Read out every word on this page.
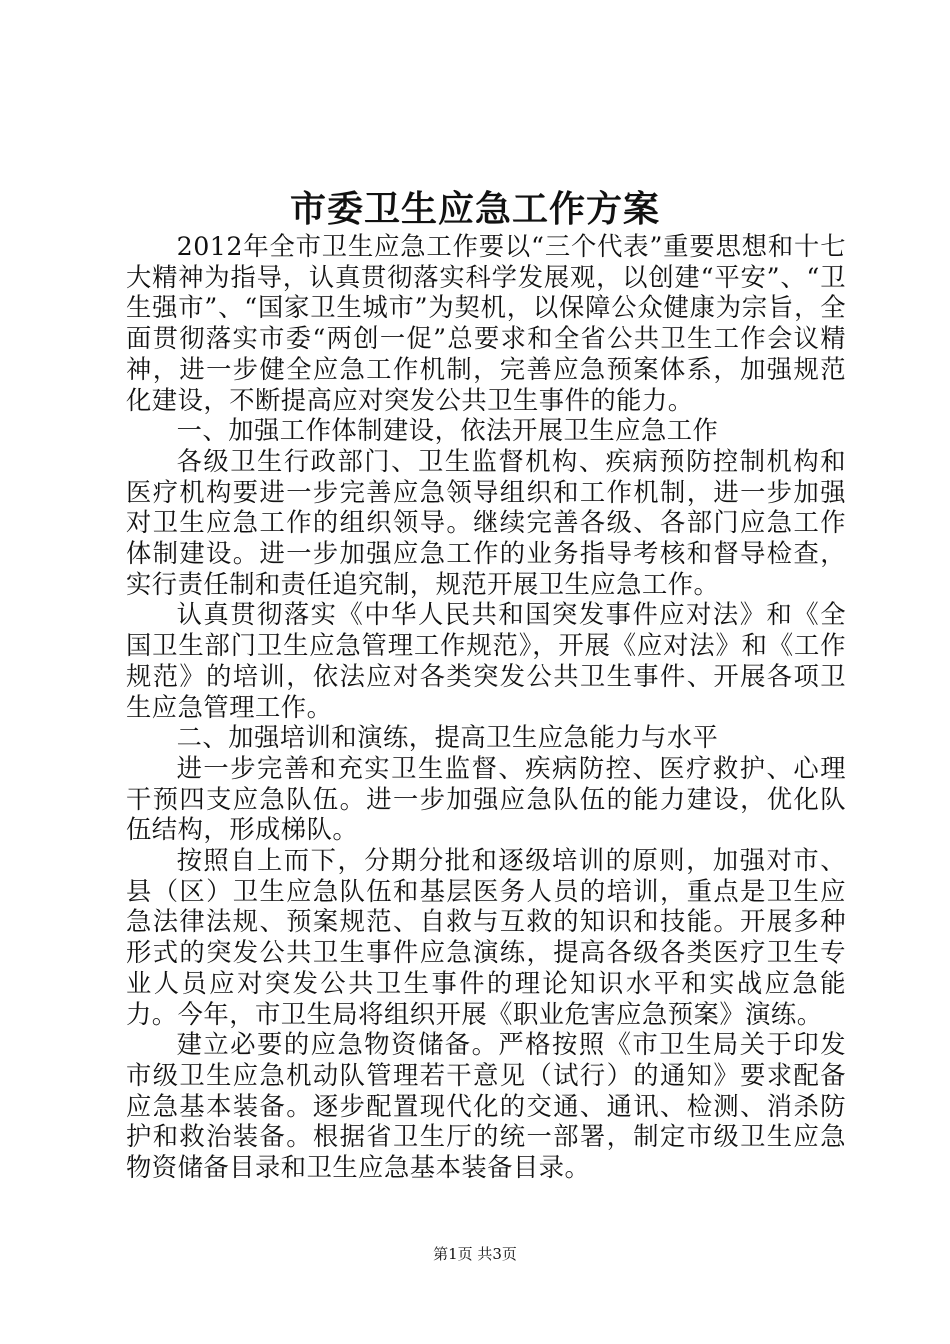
市委卫生应急工作方案

2012年全市卫生应急工作要以“三个代表”重要思想和十七大精神为指导，认真贯彻落实科学发展观，以创建“平安”、“卫生强市”、“国家卫生城市”为契机，以保障公众健康为宗旨，全面贯彻落实市委“两创一促”总要求和全省公共卫生工作会议精神，进一步健全应急工作机制，完善应急预案体系，加强规范化建设，不断提高应对突发公共卫生事件的能力。

一、加强工作体制建设，依法开展卫生应急工作

各级卫生行政部门、卫生监督机构、疾病预防控制机构和医疗机构要进一步完善应急领导组织和工作机制，进一步加强对卫生应急工作的组织领导。继续完善各级、各部门应急工作体制建设。进一步加强应急工作的业务指导考核和督导检查，实行责任制和责任追究制，规范开展卫生应急工作。

认真贯彻落实《中华人民共和国突发事件应对法》和《全国卫生部门卫生应急管理工作规范》，开展《应对法》和《工作规范》的培训，依法应对各类突发公共卫生事件、开展各项卫生应急管理工作。

二、加强培训和演练，提高卫生应急能力与水平

进一步完善和充实卫生监督、疾病防控、医疗救护、心理干预四支应急队伍。进一步加强应急队伍的能力建设，优化队伍结构，形成梯队。

按照自上而下，分期分批和逐级培训的原则，加强对市、县（区）卫生应急队伍和基层医务人员的培训，重点是卫生应急法律法规、预案规范、自救与互救的知识和技能。开展多种形式的突发公共卫生事件应急演练，提高各级各类医疗卫生专业人员应对突发公共卫生事件的理论知识水平和实战应急能力。今年，市卫生局将组织开展《职业危害应急预案》演练。

建立必要的应急物资储备。严格按照《市卫生局关于印发市级卫生应急机动队管理若干意见（试行）的通知》要求配备应急基本装备。逐步配置现代化的交通、通讯、检测、消杀防护和救治装备。根据省卫生厅的统一部署，制定市级卫生应急物资储备目录和卫生应急基本装备目录。

第1页 共3页
